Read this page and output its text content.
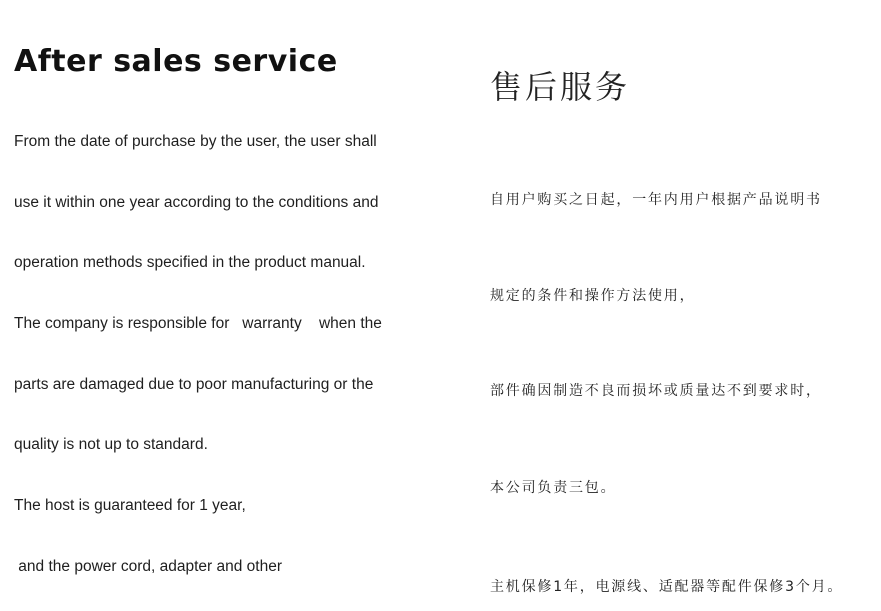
After sales service
售后服务

From the date of purchase by the user, the user shall

use it within one year according to the conditions and

operation methods specified in the product manual.

The company is responsible for   warranty    when the

parts are damaged due to poor manufacturing or the

quality is not up to standard.

The host is guaranteed for 1 year,

and the power cord, adapter and other

自用户购买之日起，一年内用户根据产品说明书

规定的条件和操作方法使用，

部件确因制造不良而损坏或质量达不到要求时，

本公司负责三包。

主机保修1年，电源线、适配器等配件保修3个月。
